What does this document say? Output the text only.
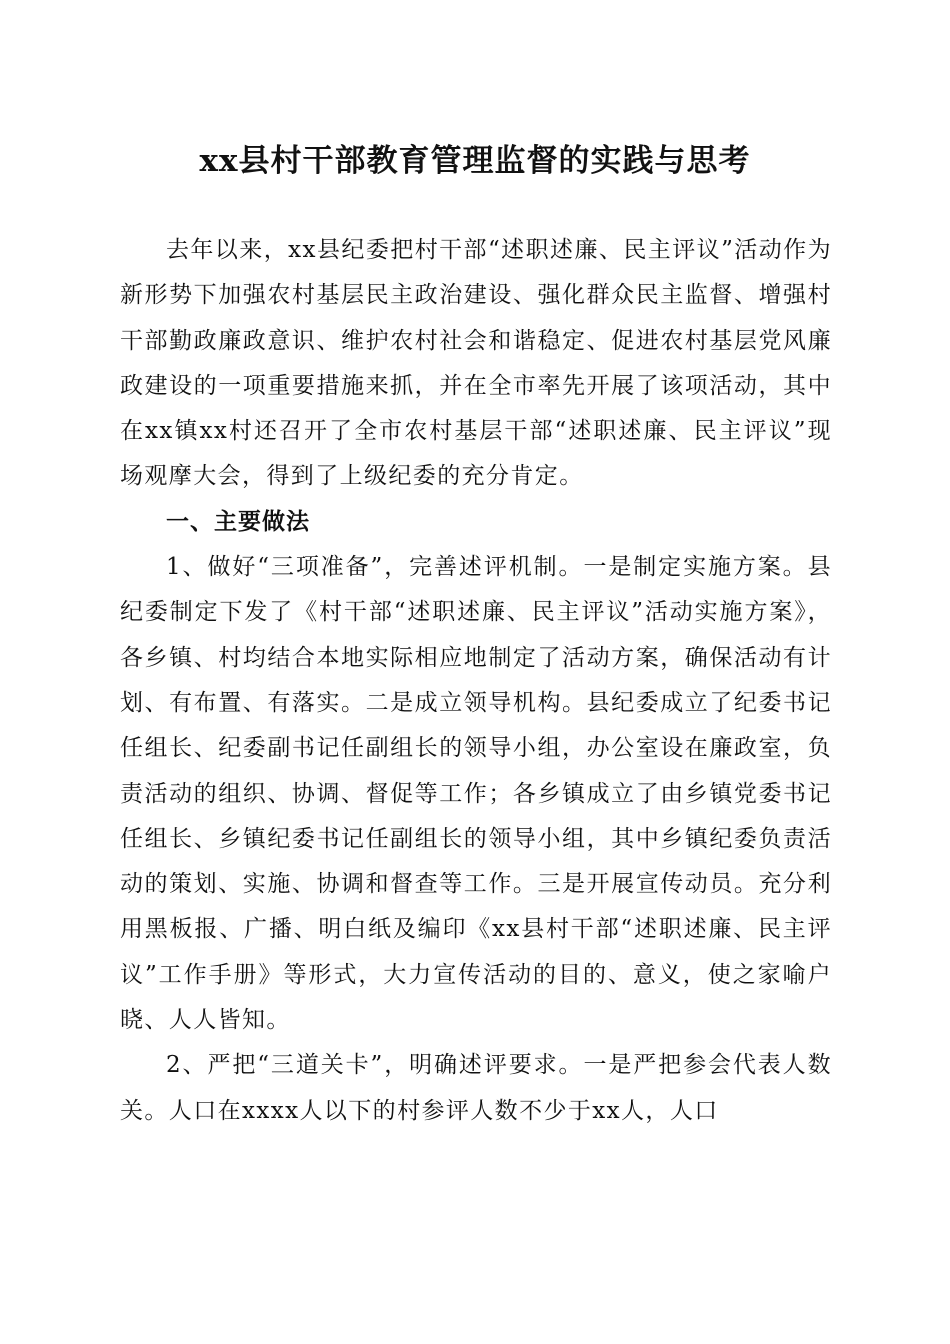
xx县村干部教育管理监督的实践与思考

去年以来，xx县纪委把村干部“述职述廉、民主评议”活动作为新形势下加强农村基层民主政治建设、强化群众民主监督、增强村干部勤政廉政意识、维护农村社会和谐稳定、促进农村基层党风廉政建设的一项重要措施来抓，并在全市率先开展了该项活动，其中在xx镇xx村还召开了全市农村基层干部“述职述廉、民主评议”现场观摩大会，得到了上级纪委的充分肯定。

一、主要做法

1、做好“三项准备”，完善述评机制。一是制定实施方案。县纪委制定下发了《村干部“述职述廉、民主评议”活动实施方案》，各乡镇、村均结合本地实际相应地制定了活动方案，确保活动有计划、有布置、有落实。二是成立领导机构。县纪委成立了纪委书记任组长、纪委副书记任副组长的领导小组，办公室设在廉政室，负责活动的组织、协调、督促等工作；各乡镇成立了由乡镇党委书记任组长、乡镇纪委书记任副组长的领导小组，其中乡镇纪委负责活动的策划、实施、协调和督查等工作。三是开展宣传动员。充分利用黑板报、广播、明白纸及编印《xx县村干部“述职述廉、民主评议”工作手册》等形式，大力宣传活动的目的、意义，使之家喻户晓、人人皆知。

2、严把“三道关卡”，明确述评要求。一是严把参会代表人数关。人口在xxxx人以下的村参评人数不少于xx人，人口
